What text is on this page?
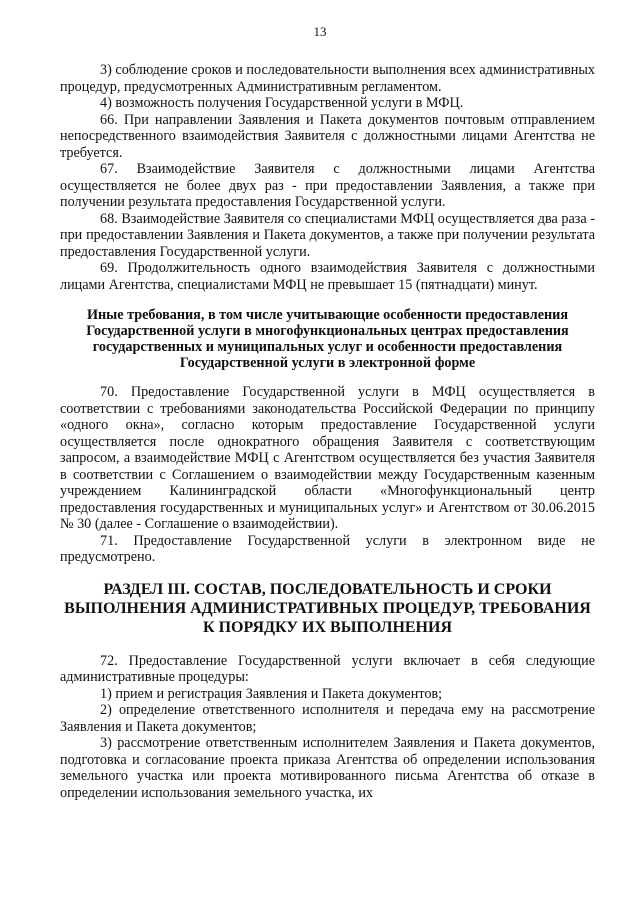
13

3) соблюдение сроков и последовательности выполнения всех административных процедур, предусмотренных Административным регламентом.

4) возможность получения Государственной услуги в МФЦ.

66. При направлении Заявления и Пакета документов почтовым отправлением непосредственного взаимодействия Заявителя с должностными лицами Агентства не требуется.

67. Взаимодействие Заявителя с должностными лицами Агентства осуществляется не более двух раз - при предоставлении Заявления, а также при получении результата предоставления Государственной услуги.

68. Взаимодействие Заявителя со специалистами МФЦ осуществляется два раза - при предоставлении Заявления и Пакета документов, а также при получении результата предоставления Государственной услуги.

69. Продолжительность одного взаимодействия Заявителя с должностными лицами Агентства, специалистами МФЦ не превышает 15 (пятнадцати) минут.

Иные требования, в том числе учитывающие особенности предоставления Государственной услуги в многофункциональных центрах предоставления государственных и муниципальных услуг и особенности предоставления Государственной услуги в электронной форме

70. Предоставление Государственной услуги в МФЦ осуществляется в соответствии с требованиями законодательства Российской Федерации по принципу «одного окна», согласно которым предоставление Государственной услуги осуществляется после однократного обращения Заявителя с соответствующим запросом, а взаимодействие МФЦ с Агентством осуществляется без участия Заявителя в соответствии с Соглашением о взаимодействии между Государственным казенным учреждением Калининградской области «Многофункциональный центр предоставления государственных и муниципальных услуг» и Агентством от 30.06.2015 № 30 (далее - Соглашение о взаимодействии).

71. Предоставление Государственной услуги в электронном виде не предусмотрено.

РАЗДЕЛ III. СОСТАВ, ПОСЛЕДОВАТЕЛЬНОСТЬ И СРОКИ ВЫПОЛНЕНИЯ АДМИНИСТРАТИВНЫХ ПРОЦЕДУР, ТРЕБОВАНИЯ К ПОРЯДКУ ИХ ВЫПОЛНЕНИЯ

72. Предоставление Государственной услуги включает в себя следующие административные процедуры:

1) прием и регистрация Заявления и Пакета документов;

2) определение ответственного исполнителя и передача ему на рассмотрение Заявления и Пакета документов;

3) рассмотрение ответственным исполнителем Заявления и Пакета документов, подготовка и согласование проекта приказа Агентства об определении использования земельного участка или проекта мотивированного письма Агентства об отказе в определении использования земельного участка, их
